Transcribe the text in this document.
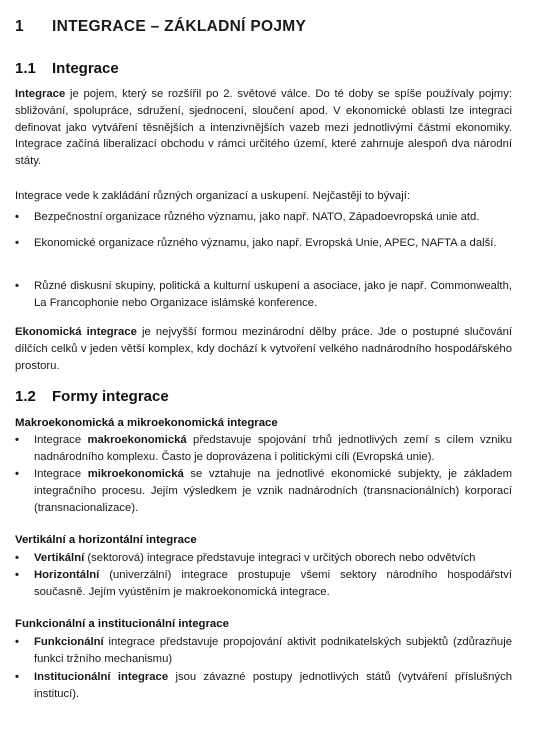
1 INTEGRACE – ZÁKLADNÍ POJMY
1.1 Integrace
Integrace je pojem, který se rozšířil po 2. světové válce. Do té doby se spíše používaly pojmy: sbližování, spolupráce, sdružení, sjednocení, sloučení apod. V ekonomické oblasti lze integraci definovat jako vytváření těsnějších a intenzivnějších vazeb mezi jednotlivými částmi ekonomiky. Integrace začíná liberalizací obchodu v rámci určitého území, které zahrnuje alespoň dva národní státy.
Integrace vede k zakládání různých organizací a uskupení. Nejčastěji to bývají:
•	Bezpečnostní organizace různého významu, jako např. NATO, Západoevropská unie atd.
•	Ekonomické organizace různého významu, jako např. Evropská Unie, APEC, NAFTA a další.
•	Různé diskusní skupiny, politická a kulturní uskupení a asociace, jako je např. Commonwealth, La Francophonie nebo Organizace islámské konference.
Ekonomická integrace je nejvyšší formou mezinárodní dělby práce. Jde o postupné slučování dílčích celků v jeden větší komplex, kdy dochází k vytvoření velkého nadnárodního hospodářského prostoru.
1.2 Formy integrace
Makroekonomická a mikroekonomická integrace
•	Integrace makroekonomická představuje spojování trhů jednotlivých zemí s cílem vzniku nadnárodního komplexu. Často je doprovázena i politickými cíli (Evropská unie).
•	Integrace mikroekonomická se vztahuje na jednotlivé ekonomické subjekty, je základem integračního procesu. Jejím výsledkem je vznik nadnárodních (transnacionálních) korporací (transnacionalizace).
Vertikální a horizontální integrace
•	Vertikální (sektorová) integrace představuje integraci v určitých oborech nebo odvětvích
•	Horizontální (univerzální) integrace prostupuje všemi sektory národního hospodářství současně. Jejím vyústěním je makroekonomická integrace.
Funkcionální a institucionální integrace
•	Funkcionální integrace představuje propojování aktivit podnikatelských subjektů (zdůrazňuje funkci tržního mechanismu)
•	Institucionální integrace jsou závazné postupy jednotlivých států (vytváření příslušných institucí).
